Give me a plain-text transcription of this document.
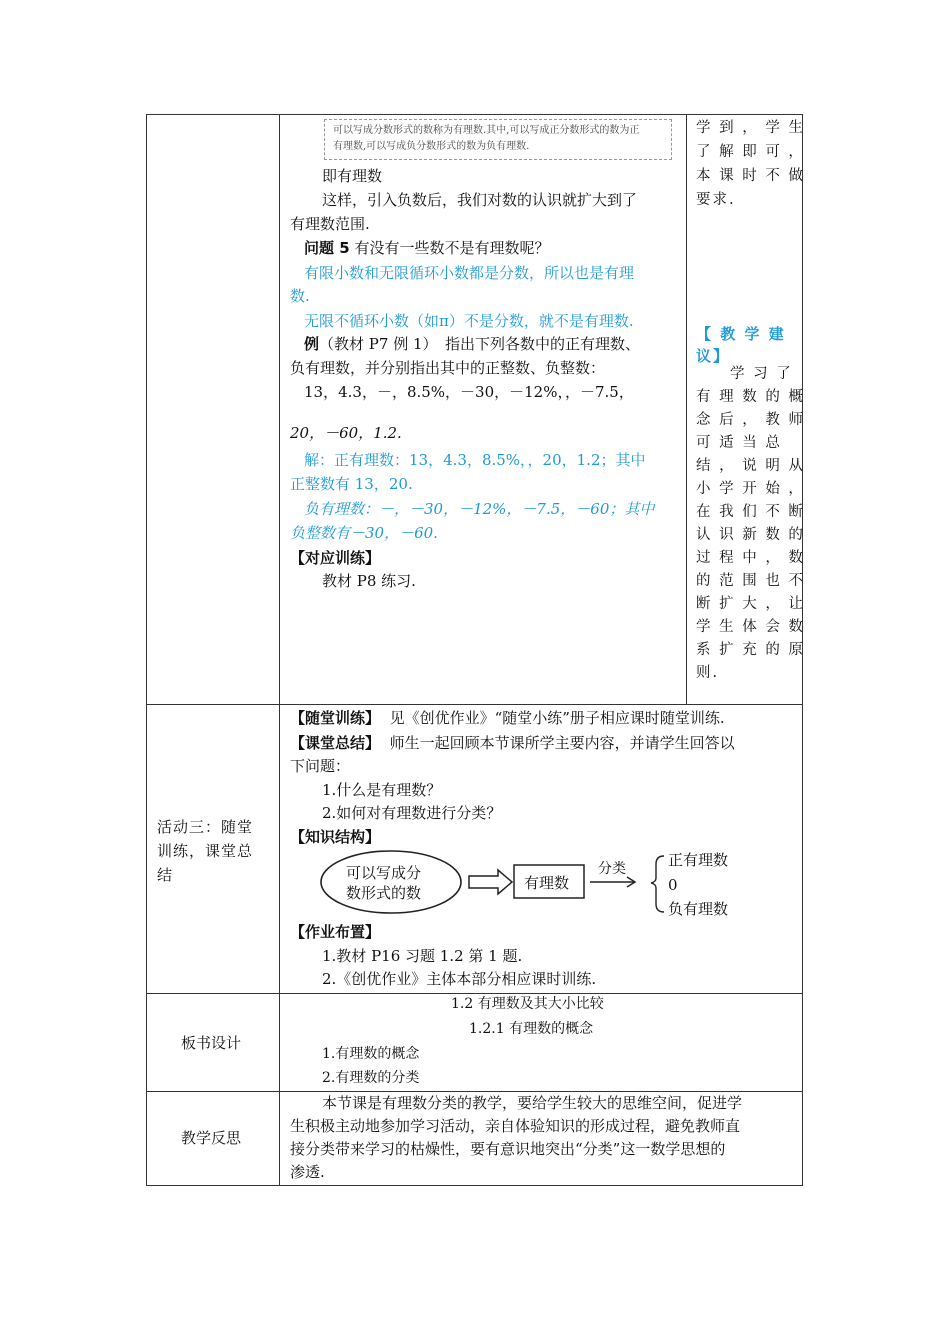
可以写成分数形式的数称为有理数.其中,可以写成正分数形式的数为正
有理数,可以写成负分数形式的数为负有理数.
即有理数
这样，引入负数后，我们对数的认识就扩大到了
有理数范围.
问题 5 有没有一些数不是有理数呢？
有限小数和无限循环小数都是分数，所以也是有理
数.
无限不循环小数（如π）不是分数，就不是有理数.
例（教材 P7 例 1）　指出下列各数中的正有理数、
负有理数，并分别指出其中的正整数、负整数：
13，4.3，－，8.5%，－30，－12%，，－7.5，
20，－60，1.2.
解：正有理数：13，4.3，8.5%，，20，1.2；其中
正整数有 13，20.
负有理数：－，－30，－12%，－7.5，－60；其中
负整数有－30，－60.
【对应训练】
教材 P8 练习.
学 到 ， 学 生
了 解 即 可 ，
本 课 时 不 做
要求.
【 教 学 建
议】
学 习 了
有 理 数 的 概
念 后 ， 教 师
可 适 当 总
结 ， 说 明 从
小 学 开 始 ，
在 我 们 不 断
认 识 新 数 的
过 程 中 ， 数
的 范 围 也 不
断 扩 大 ， 让
学 生 体 会 数
系 扩 充 的 原
则.
活动三：随堂
训练，课堂总
结
【随堂训练】 见《创优作业》“随堂小练”册子相应课时随堂训练.
【课堂总结】 师生一起回顾本节课所学主要内容，并请学生回答以
下问题：
1.什么是有理数？
2.如何对有理数进行分类？
【知识结构】
可以写成分
数形式的数
有理数
分类	正有理数
0
负有理数
【作业布置】
1.教材 P16 习题 1.2 第 1 题.
2.《创优作业》主体本部分相应课时训练.
板书设计
1.2 有理数及其大小比较
1.2.1 有理数的概念
1.有理数的概念
2.有理数的分类
教学反思
本节课是有理数分类的教学，要给学生较大的思维空间，促进学
生积极主动地参加学习活动，亲自体验知识的形成过程，避免教师直
接分类带来学习的枯燥性，要有意识地突出“分类”这一数学思想的
渗透.
